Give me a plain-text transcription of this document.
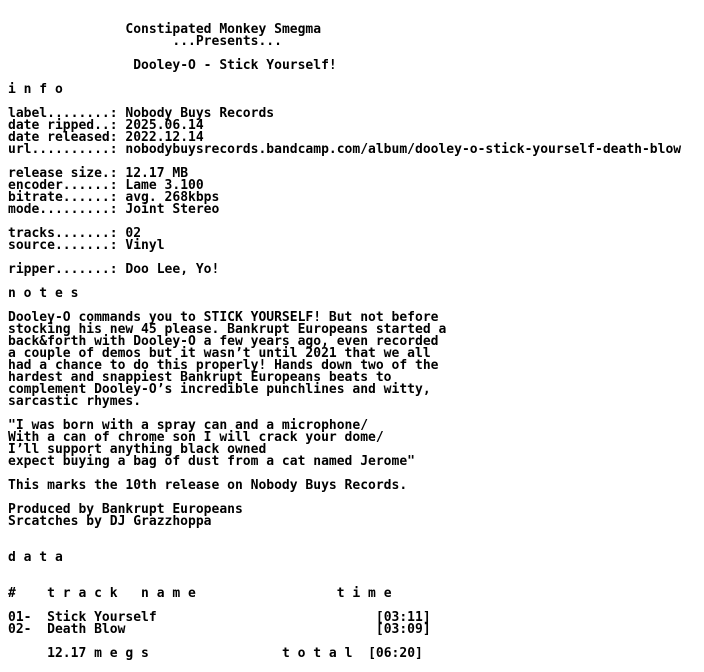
Constipated Monkey Smegma
...Presents...
Dooley-O - Stick Yourself!
i n f o
label........: Nobody Buys Records
date ripped..: 2025.06.14
date released: 2022.12.14
url..........: nobodybuysrecords.bandcamp.com/album/dooley-o-stick-yourself-death-blow
release size.: 12.17 MB
encoder......: Lame 3.100
bitrate......: avg. 268kbps
mode.........: Joint Stereo
tracks.......: 02
source.......: Vinyl
ripper.......: Doo Lee, Yo!
n o t e s
Dooley-O commands you to STICK YOURSELF! But not before
stocking his new 45 please. Bankrupt Europeans started a
back&forth with Dooley-O a few years ago, even recorded
a couple of demos but it wasn’t until 2021 that we all
had a chance to do this properly! Hands down two of the
hardest and snappiest Bankrupt Europeans beats to
complement Dooley-O’s incredible punchlines and witty,
sarcastic rhymes.
"I was born with a spray can and a microphone/
With a can of chrome son I will crack your dome/
I’ll support anything black owned
expect buying a bag of dust from a cat named Jerome"
This marks the 10th release on Nobody Buys Records.
Produced by Bankrupt Europeans
Srcatches by DJ Grazzhoppa
d a t a
# t r a c k   n a m e	t i m e
01- Stick Yourself	[03:11]
02- Death Blow	[03:09]
12.17 m e g s	t o t a l [06:20]
